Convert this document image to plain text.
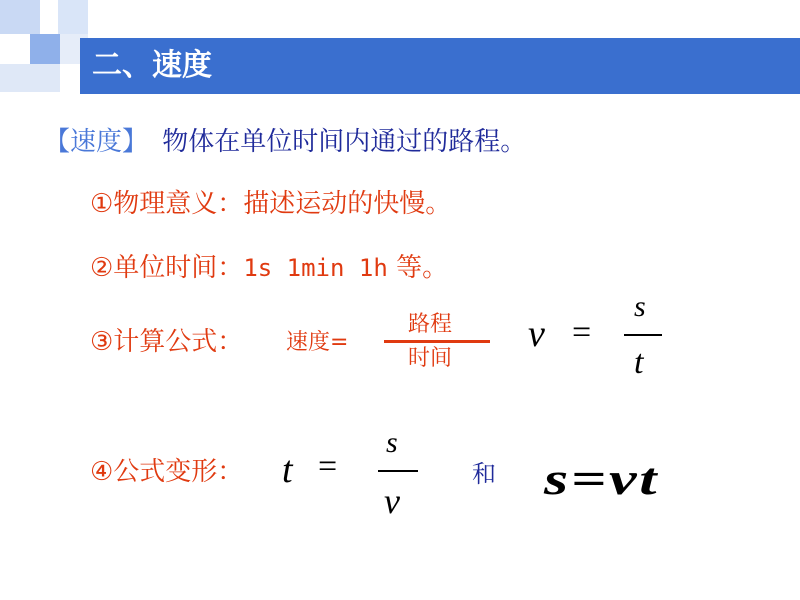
二、速度
【速度】 物体在单位时间内通过的路程。
①物理意义：描述运动的快慢。
②单位时间：1s 1min 1h 等。
③计算公式： 速度=
路程
时间
v =
s
t
④公式变形： t =
s
v
和 s=vt
